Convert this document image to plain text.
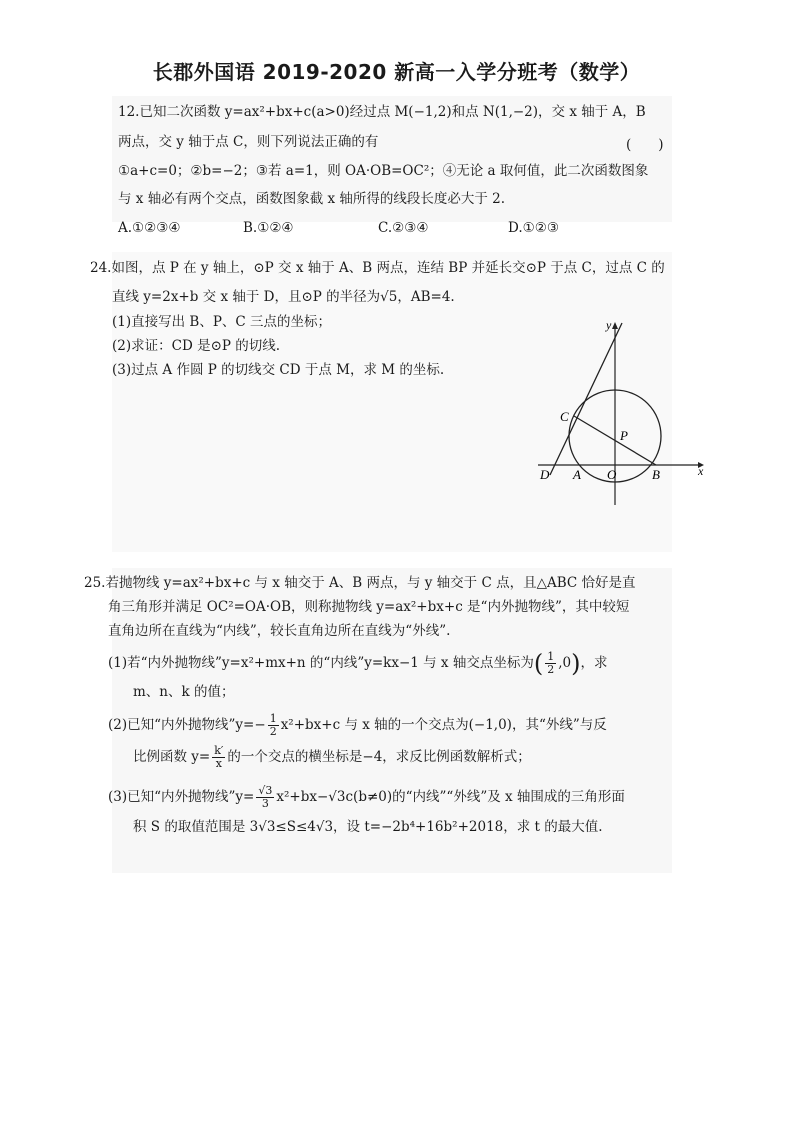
长郡外国语 2019-2020 新高一入学分班考（数学）
12.已知二次函数 y=ax²+bx+c(a>0)经过点 M(−1,2)和点 N(1,−2)，交 x 轴于 A，B
两点，交 y 轴于点 C，则下列说法正确的有	(　　)
①a+c=0；②b=−2；③若 a=1，则 OA·OB=OC²；④无论 a 取何值，此二次函数图象
与 x 轴必有两个交点，函数图象截 x 轴所得的线段长度必大于 2.
A.①②③④	B.①②④	C.②③④	D.①②③
24.如图，点 P 在 y 轴上，⊙P 交 x 轴于 A、B 两点，连结 BP 并延长交⊙P 于点 C，过点 C 的
直线 y=2x+b 交 x 轴于 D，且⊙P 的半径为√5，AB=4.
(1)直接写出 B、P、C 三点的坐标；
(2)求证：CD 是⊙P 的切线.
(3)过点 A 作圆 P 的切线交 CD 于点 M，求 M 的坐标.
y
x
C
P
D A O	B
25.若抛物线 y=ax²+bx+c 与 x 轴交于 A、B 两点，与 y 轴交于 C 点，且△ABC 恰好是直
角三角形并满足 OC²=OA·OB，则称抛物线 y=ax²+bx+c 是“内外抛物线”，其中较短
直角边所在直线为“内线”，较长直角边所在直线为“外线”.
(1)若“内外抛物线”y=x²+mx+n 的“内线”y=kx−1 与 x 轴交点坐标为( $\frac{1}{2} ,0$)，求
m、n、k 的值；
(2)已知“内外抛物线”y=− $\frac{1}{2} x^2+bx+c$ 与 x 轴的一个交点为(−1,0)，其“外线”与反
比例函数 $y= \frac{k'}{x}$ 的一个交点的横坐标是−4，求反比例函数解析式；
(3)已知“内外抛物线”y= $\frac{√3}{3} x^2+bx-√3c(b\ne 0)$的“内线”“外线”及 x 轴围成的三角形面
积 S 的取值范围是 3√3≤S≤4√3，设 t=−2b⁴+16b²+2018，求 t 的最大值.
